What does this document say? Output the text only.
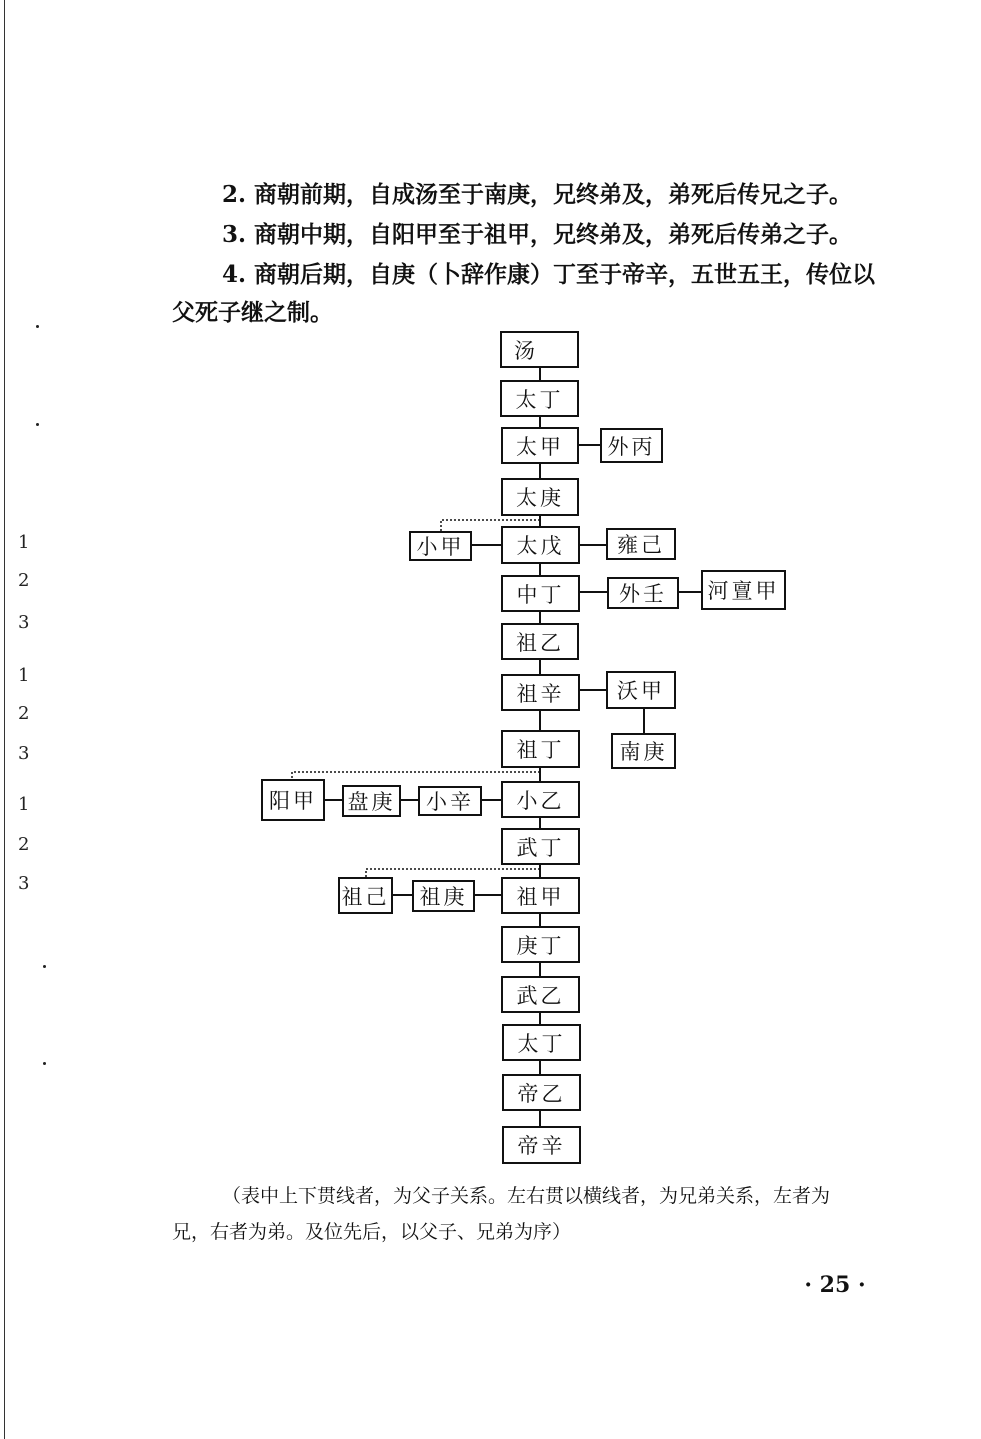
2. 商朝前期，自成汤至于南庚，兄终弟及，弟死后传兄之子。

3. 商朝中期，自阳甲至于祖甲，兄终弟及，弟死后传弟之子。

4. 商朝后期，自庚（卜辞作康）丁至于帝辛，五世五王，传位以

父死子继之制。

汤
太丁
太甲	外丙
太庚
小甲	太戊	雍己
中丁	外壬	河亶甲
祖乙
祖辛	沃甲
祖丁	南庚
阳甲	盘庚	小辛	小乙
武丁
祖己	祖庚	祖甲
庚丁
武乙
太丁
帝乙
帝辛

（表中上下贯线者，为父子关系。左右贯以横线者，为兄弟关系，左者为

兄，右者为弟。及位先后，以父子、兄弟为序）

· 25 ·
1
2
3
1
2
3
1
2
3
